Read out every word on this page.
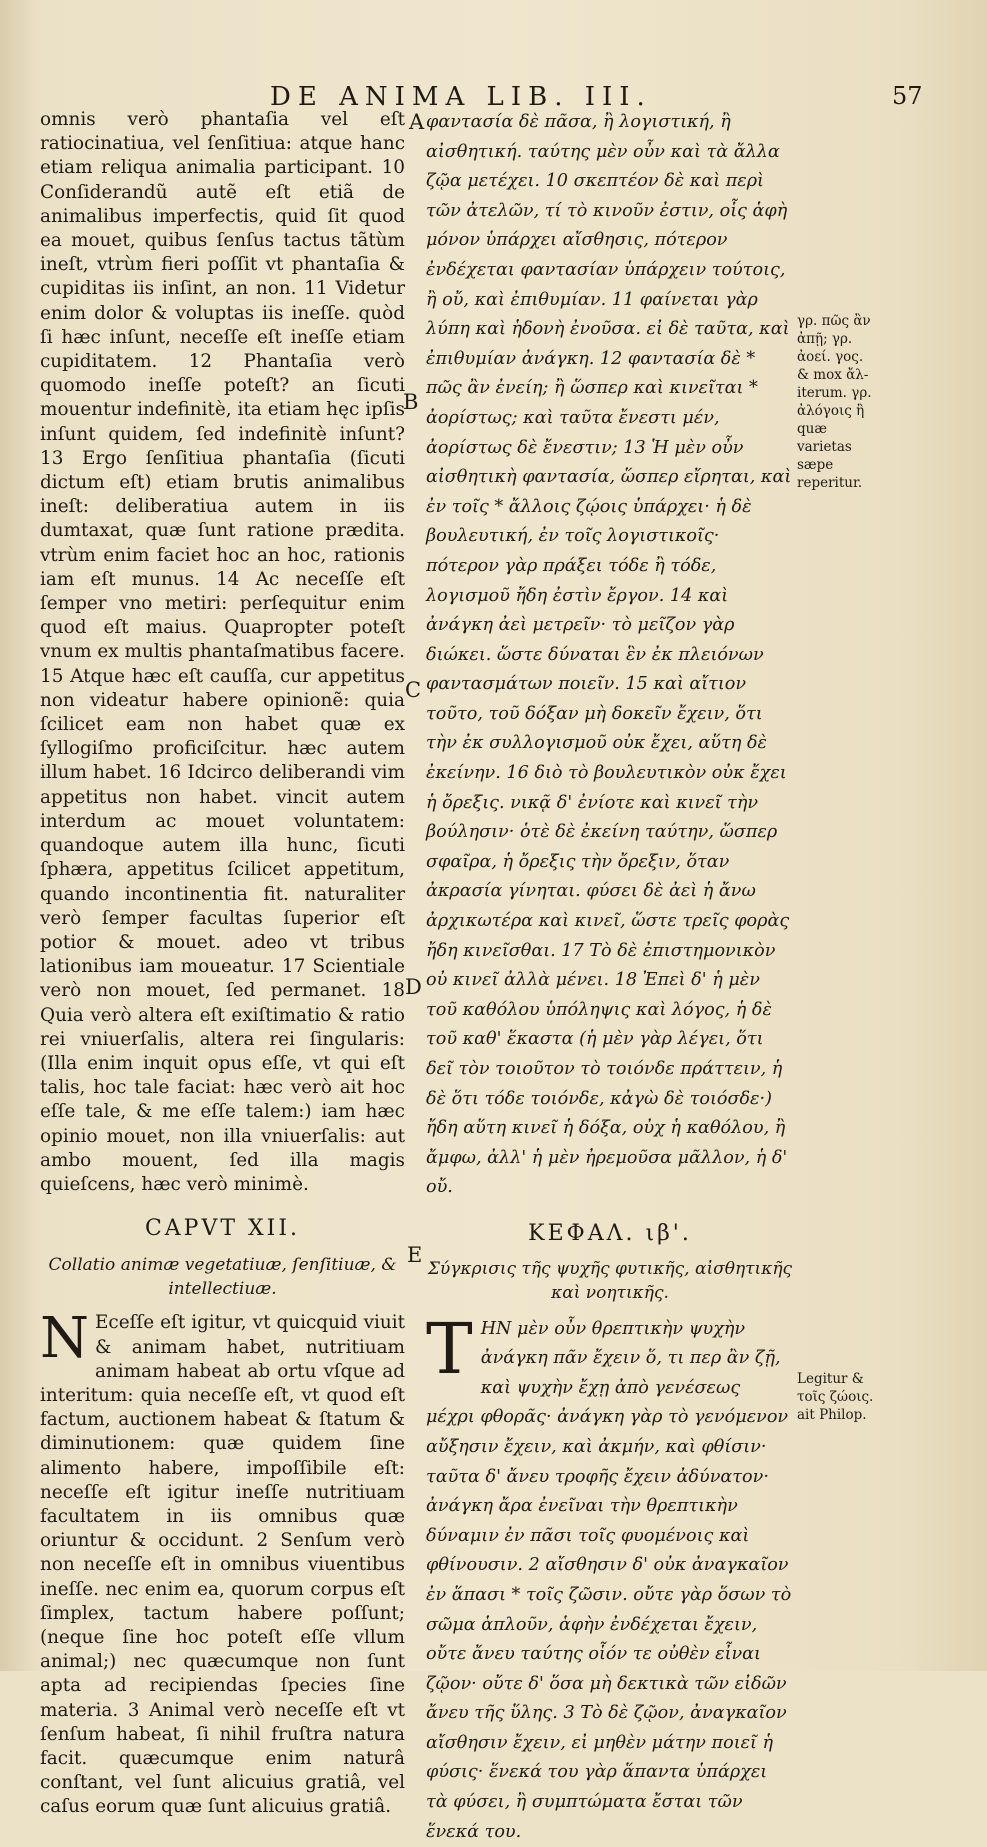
DE ANIMA LIB. III.	57

omnis verò phantaſia vel eſt ratiocinatiua, vel ſenſitiua: atque hanc etiam reliqua animalia participant. 10 Conſiderandũ autẽ eſt etiã de animalibus imperfectis, quid ſit quod ea mouet, quibus ſenſus tactus tãtùm ineſt, vtrùm fieri poſſit vt phantaſia & cupiditas iis inſint, an non. 11 Videtur enim dolor & voluptas iis ineſſe. quòd ſi hæc inſunt, neceſſe eſt ineſſe etiam cupiditatem. 12 Phantaſia verò quomodo ineſſe poteſt? an ſicuti mouentur indefinitè, ita etiam hęc ipſis inſunt quidem, ſed indefinitè inſunt? 13 Ergo ſenſitiua phantaſia (ſicuti dictum eſt) etiam brutis animalibus ineſt: deliberatiua autem in iis dumtaxat, quæ ſunt ratione prædita. vtrùm enim faciet hoc an hoc, rationis iam eſt munus. 14 Ac neceſſe eſt ſemper vno metiri: perſequitur enim quod eſt maius. Quapropter poteſt vnum ex multis phantaſmatibus facere. 15 Atque hæc eſt cauſſa, cur appetitus non videatur habere opinionẽ: quia ſcilicet eam non habet quæ ex ſyllogiſmo proficiſcitur. hæc autem illum habet. 16 Idcirco deliberandi vim appetitus non habet. vincit autem interdum ac mouet voluntatem: quandoque autem illa hunc, ſicuti ſphæra, appetitus ſcilicet appetitum, quando incontinentia fit. naturaliter verò ſemper facultas ſuperior eſt potior & mouet. adeo vt tribus lationibus iam moueatur. 17 Scientiale verò non mouet, ſed permanet. 18 Quia verò altera eſt exiſtimatio & ratio rei vniuerſalis, altera rei ſingularis: (Illa enim inquit opus eſſe, vt qui eſt talis, hoc tale faciat: hæc verò ait hoc eſſe tale, & me eſſe talem:) iam hæc opinio mouet, non illa vniuerſalis: aut ambo mouent, ſed illa magis quieſcens, hæc verò minimè.

CAPVT XII.
Collatio animæ vegetatiuæ, ſenſitiuæ, & intellectiuæ.

N Eceſſe eſt igitur, vt quicquid viuit & animam habet, nutritiuam animam habeat ab ortu vſque ad interitum: quia neceſſe eſt, vt quod eſt factum, auctionem habeat & ſtatum & diminutionem: quæ quidem ſine alimento habere, impoſſibile eſt: neceſſe eſt igitur ineſſe nutritiuam facultatem in iis omnibus quæ oriuntur & occidunt. 2 Senſum verò non neceſſe eſt in omnibus viuentibus ineſſe. nec enim ea, quorum corpus eſt ſimplex, tactum habere poſſunt; (neque ſine hoc poteſt eſſe vllum animal;) nec quæcumque non ſunt apta ad recipiendas ſpecies ſine materia. 3 Animal verò neceſſe eſt vt ſenſum habeat, ſi nihil fruſtra natura facit. quæcumque enim naturâ conſtant, vel ſunt alicuius gratiâ, vel caſus eorum quæ ſunt alicuius gratiâ.

A
B
C
D
E

φαντασία δὲ πᾶσα, ἢ λογιστική, ἢ αἰσθητική. ταύτης μὲν οὖν καὶ τὰ ἄλλα ζῷα μετέχει. 10 σκεπτέον δὲ καὶ περὶ τῶν ἀτελῶν, τί τὸ κινοῦν ἐστιν, οἷς ἁφὴ μόνον ὑπάρχει αἴσθησις, πότερον ἐνδέχεται φαντασίαν ὑπάρχειν τούτοις, ἢ οὔ, καὶ ἐπιθυμίαν. 11 φαίνεται γὰρ λύπη καὶ ἡδονὴ ἐνοῦσα. εἰ δὲ ταῦτα, καὶ ἐπιθυμίαν ἀνάγκη. 12 φαντασία δὲ * πῶς ἂν ἐνείη; ἢ ὥσπερ καὶ κινεῖται * ἀορίστως; καὶ ταῦτα ἔνεστι μέν, ἀορίστως δὲ ἔνεστιν; 13 Ἡ μὲν οὖν αἰσθητικὴ φαντασία, ὥσπερ εἴρηται, καὶ ἐν τοῖς * ἄλλοις ζῴοις ὑπάρχει· ἡ δὲ βουλευτική, ἐν τοῖς λογιστικοῖς· πότερον γὰρ πράξει τόδε ἢ τόδε, λογισμοῦ ἤδη ἐστὶν ἔργον. 14 καὶ ἀνάγκη ἀεὶ μετρεῖν· τὸ μεῖζον γὰρ διώκει. ὥστε δύναται ἓν ἐκ πλειόνων φαντασμάτων ποιεῖν. 15 καὶ αἴτιον τοῦτο, τοῦ δόξαν μὴ δοκεῖν ἔχειν, ὅτι τὴν ἐκ συλλογισμοῦ οὐκ ἔχει, αὕτη δὲ ἐκείνην. 16 διὸ τὸ βουλευτικὸν οὐκ ἔχει ἡ ὄρεξις. νικᾷ δ' ἐνίοτε καὶ κινεῖ τὴν βούλησιν· ὁτὲ δὲ ἐκείνη ταύτην, ὥσπερ σφαῖρα, ἡ ὄρεξις τὴν ὄρεξιν, ὅταν ἀκρασία γίνηται. φύσει δὲ ἀεὶ ἡ ἄνω ἀρχικωτέρα καὶ κινεῖ, ὥστε τρεῖς φορὰς ἤδη κινεῖσθαι. 17 Τὸ δὲ ἐπιστημονικὸν οὐ κινεῖ ἀλλὰ μένει. 18 Ἐπεὶ δ' ἡ μὲν τοῦ καθόλου ὑπόληψις καὶ λόγος, ἡ δὲ τοῦ καθ' ἕκαστα (ἡ μὲν γὰρ λέγει, ὅτι δεῖ τὸν τοιοῦτον τὸ τοιόνδε πράττειν, ἡ δὲ ὅτι τόδε τοιόνδε, κἀγὼ δὲ τοιόσδε·) ἤδη αὕτη κινεῖ ἡ δόξα, οὐχ ἡ καθόλου, ἢ ἄμφω, ἀλλ' ἡ μὲν ἠρεμοῦσα μᾶλλον, ἡ δ' οὔ.

ΚΕΦΑΛ. ιβ'.
Σύγκρισις τῆς ψυχῆς φυτικῆς, αἰσθητικῆς καὶ νοητικῆς.

ΤΗΝ μὲν οὖν θρεπτικὴν ψυχὴν ἀνάγκη πᾶν ἔχειν ὅ, τι περ ἂν ζῇ, καὶ ψυχὴν ἔχῃ ἀπὸ γενέσεως μέχρι φθορᾶς· ἀνάγκη γὰρ τὸ γενόμενον αὔξησιν ἔχειν, καὶ ἀκμήν, καὶ φθίσιν· ταῦτα δ' ἄνευ τροφῆς ἔχειν ἀδύνατον· ἀνάγκη ἄρα ἐνεῖναι τὴν θρεπτικὴν δύναμιν ἐν πᾶσι τοῖς φυομένοις καὶ φθίνουσιν. 2 αἴσθησιν δ' οὐκ ἀναγκαῖον ἐν ἅπασι * τοῖς ζῶσιν. οὔτε γὰρ ὅσων τὸ σῶμα ἁπλοῦν, ἁφὴν ἐνδέχεται ἔχειν, οὔτε ἄνευ ταύτης οἷόν τε οὐθὲν εἶναι ζῷον· οὔτε δ' ὅσα μὴ δεκτικὰ τῶν εἰδῶν ἄνευ τῆς ὕλης. 3 Τὸ δὲ ζῷον, ἀναγκαῖον αἴσθησιν ἔχειν, εἰ μηθὲν μάτην ποιεῖ ἡ φύσις· ἕνεκά του γὰρ ἅπαντα ὑπάρχει τὰ φύσει, ἢ συμπτώματα ἔσται τῶν ἕνεκά του.

γρ. πῶς ἂν ἀπῇ; γρ. ἀοεί. γος. & mox ἄλ- iterum. γρ. ἀλόγοις ἢ quæ varietas sæpe reperitur.
Legitur & τοῖς ζώοις. ait Philop.
